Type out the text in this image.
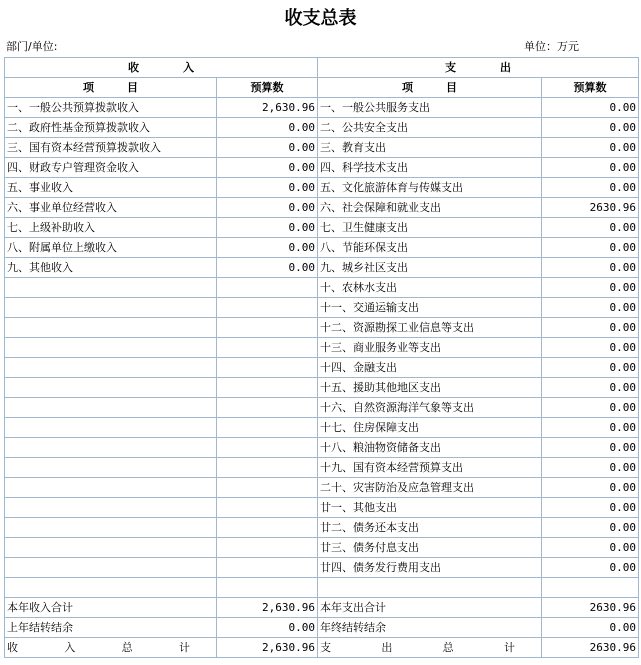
收支总表
部门/单位:	单位：万元
收　　　　入		支　　　　出	
项　　　目	预算数	项　　　目	预算数
一、一般公共预算拨款收入	2,630.96	一、一般公共服务支出	0.00
二、政府性基金预算拨款收入	0.00	二、公共安全支出	0.00
三、国有资本经营预算拨款收入	0.00	三、教育支出	0.00
四、财政专户管理资金收入	0.00	四、科学技术支出	0.00
五、事业收入	0.00	五、文化旅游体育与传媒支出	0.00
六、事业单位经营收入	0.00	六、社会保障和就业支出	2630.96
七、上级补助收入	0.00	七、卫生健康支出	0.00
八、附属单位上缴收入	0.00	八、节能环保支出	0.00
九、其他收入	0.00	九、城乡社区支出	0.00
		十、农林水支出	0.00
		十一、交通运输支出	0.00
		十二、资源勘探工业信息等支出	0.00
		十三、商业服务业等支出	0.00
		十四、金融支出	0.00
		十五、援助其他地区支出	0.00
		十六、自然资源海洋气象等支出	0.00
		十七、住房保障支出	0.00
		十八、粮油物资储备支出	0.00
		十九、国有资本经营预算支出	0.00
		二十、灾害防治及应急管理支出	0.00
		廿一、其他支出	0.00
		廿二、债务还本支出	0.00
		廿三、债务付息支出	0.00
		廿四、债务发行费用支出	0.00

本年收入合计	2,630.96	本年支出合计	2630.96
上年结转结余	0.00	年终结转结余	0.00

收 入 总 计	2,630.96	支 出 总 计	2630.96
